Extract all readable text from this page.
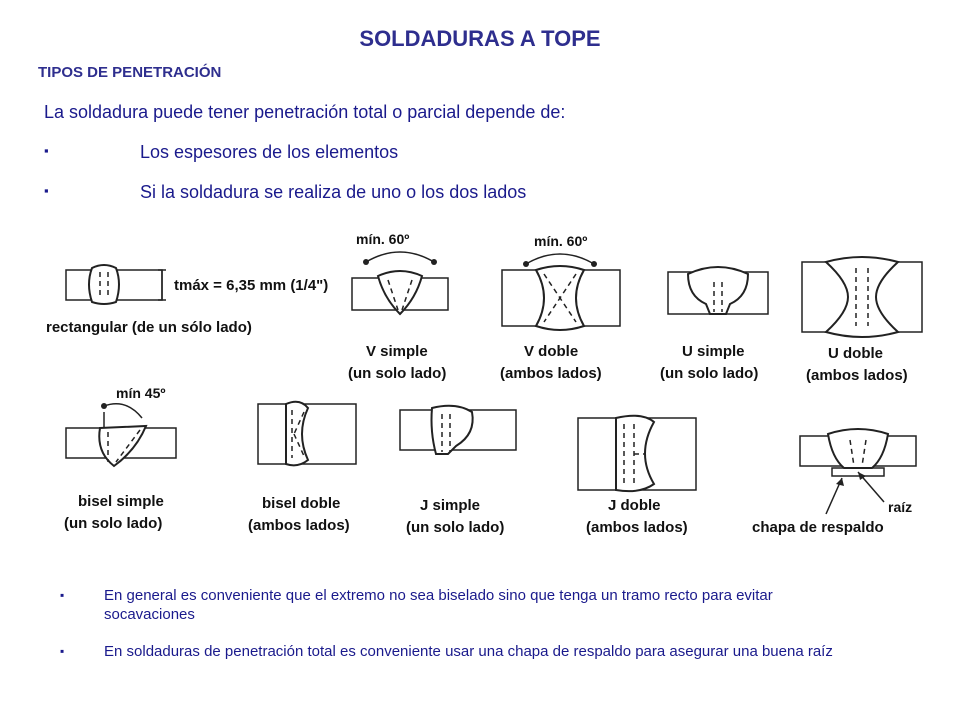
SOLDADURAS A TOPE
TIPOS DE PENETRACIÓN
La soldadura puede tener penetración total o parcial depende de:
▪	Los espesores de los elementos
▪	Si la soldadura se realiza de uno o los dos lados
tmáx = 6,35 mm (1/4")
rectangular (de un sólo lado)
mín. 60º
V simple
(un solo lado)
mín. 60º
V doble
(ambos lados)
U simple
(un solo lado)
U doble
(ambos lados)
mín 45º
bisel simple
(un solo lado)
bisel doble
(ambos lados)
J simple
(un solo lado)
J doble
(ambos lados)
raíz
chapa de respaldo
▪	En general es conveniente que el extremo no sea biselado sino que tenga un tramo recto para evitar socavaciones
▪	En soldaduras de penetración total es conveniente usar una chapa de respaldo para asegurar una buena raíz
